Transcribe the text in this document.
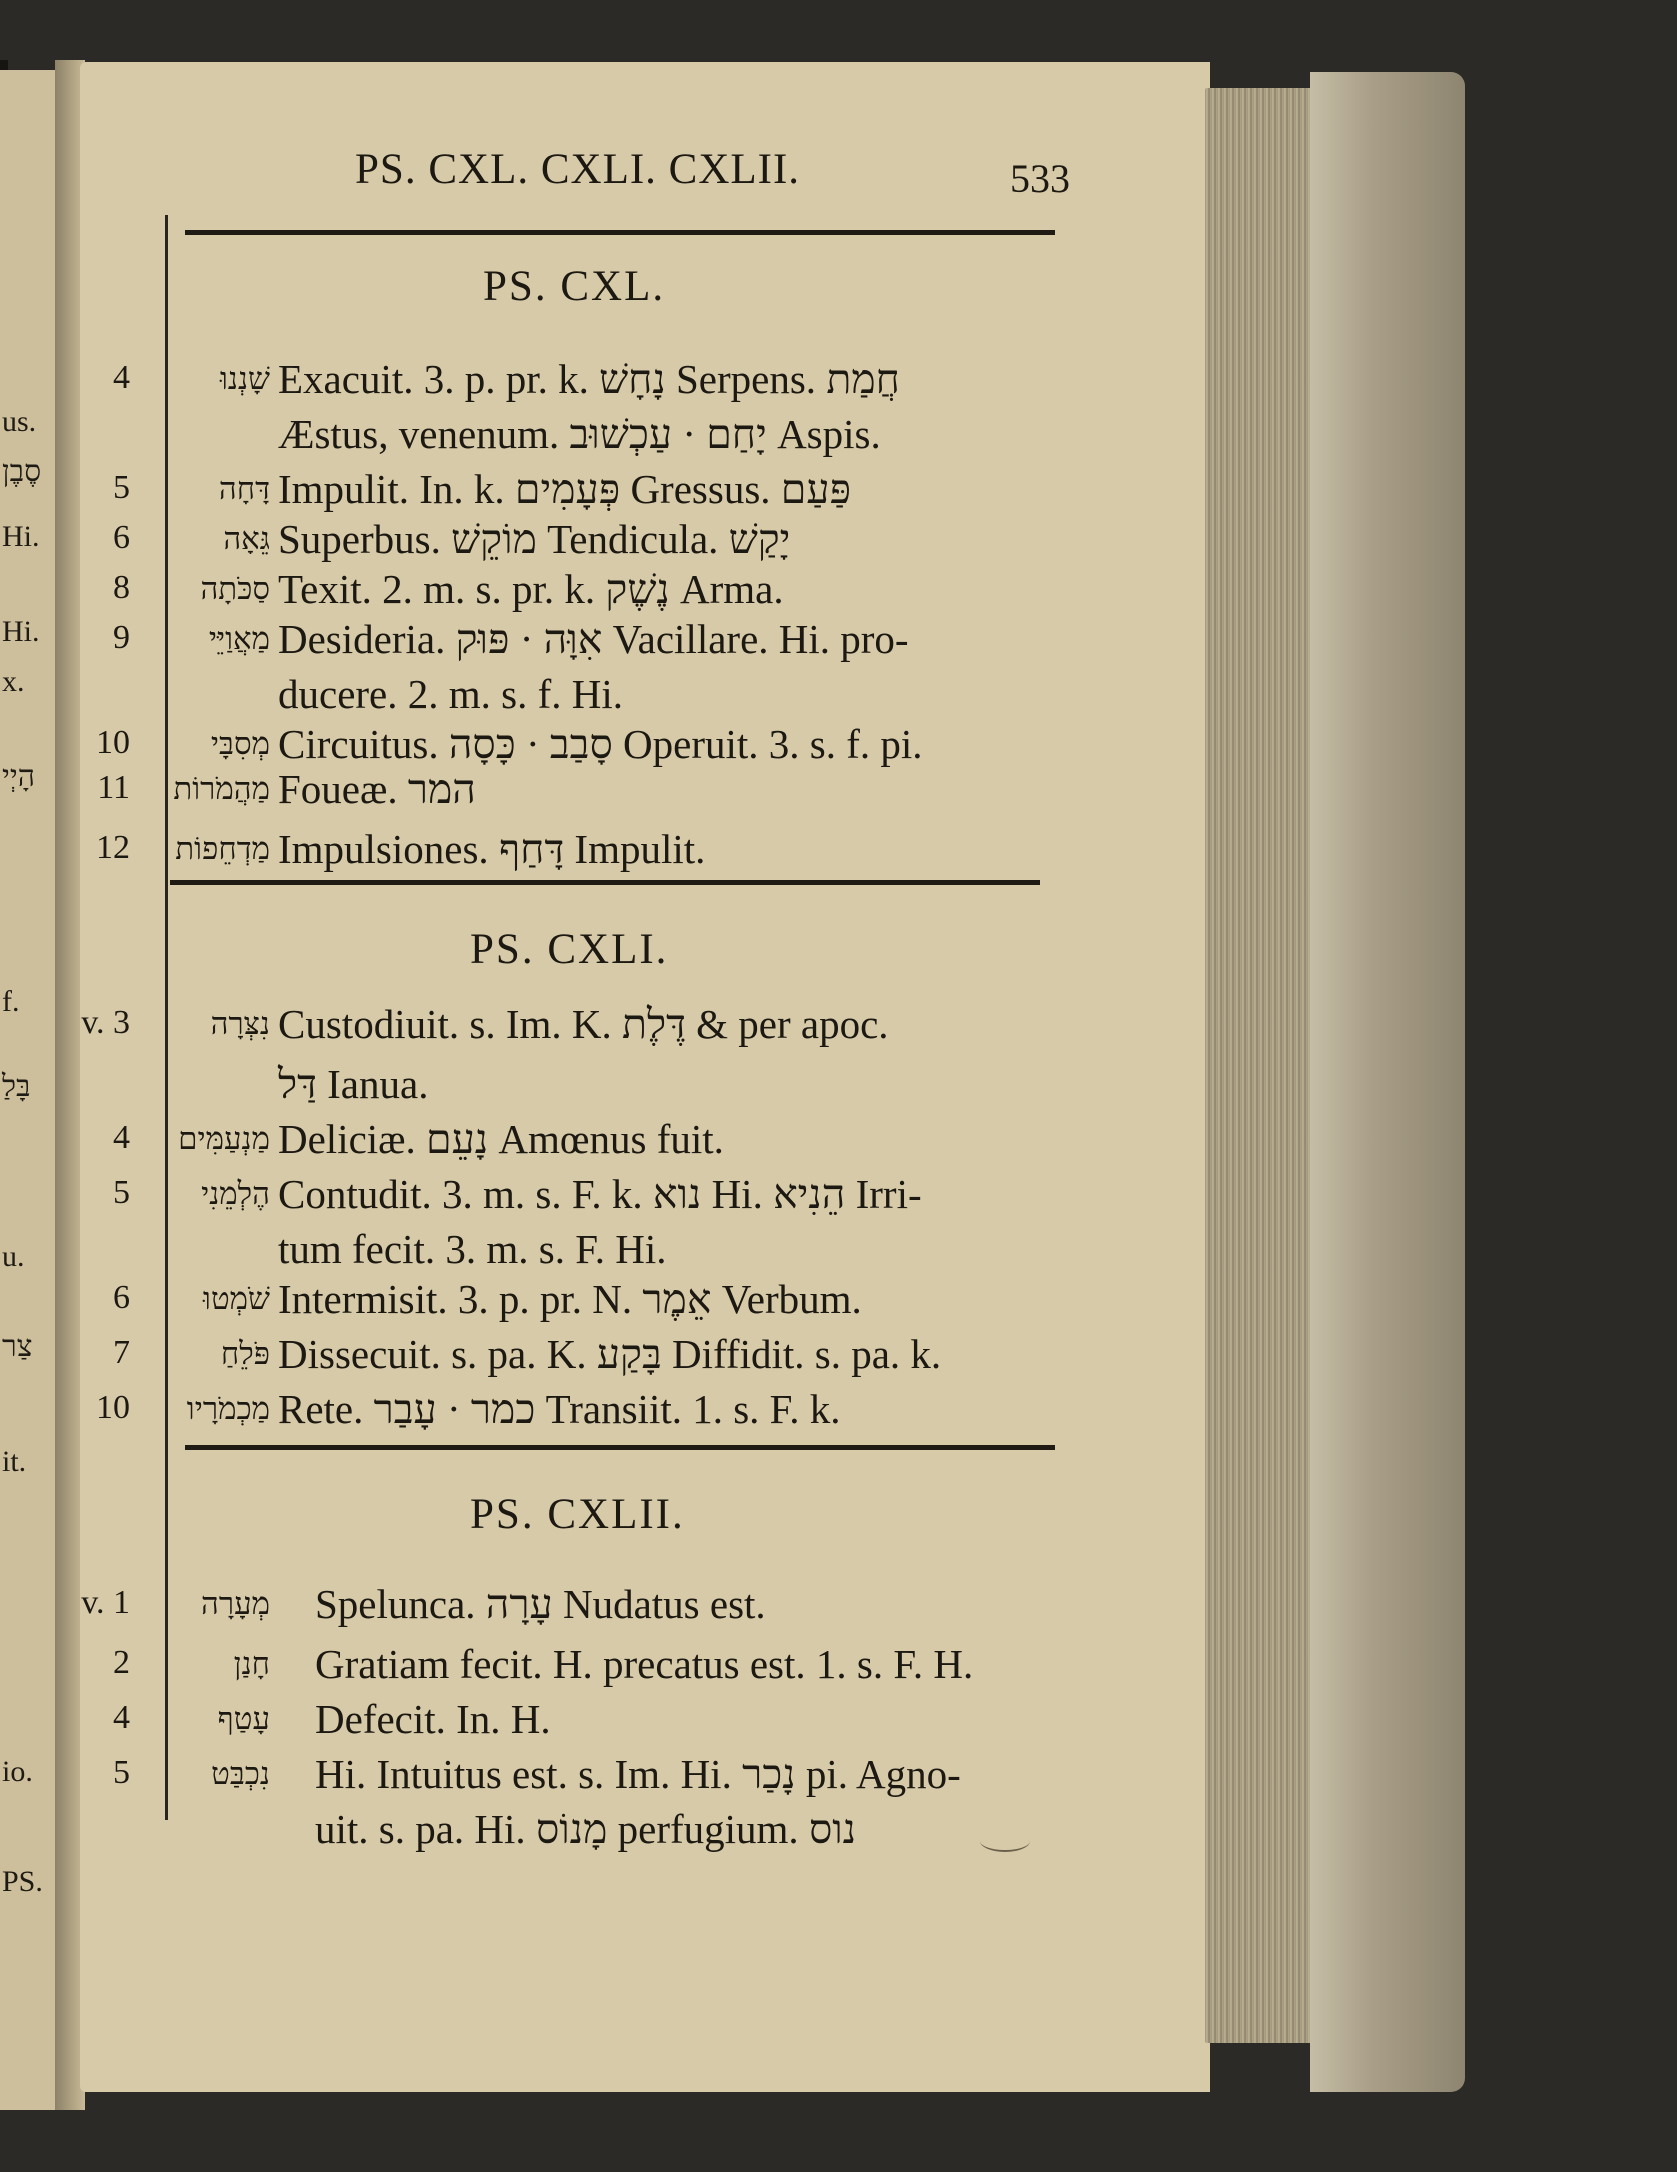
us.
סֶבֶן
Hi.
Hi.
x.
הָיְי
f.
בָּלַ
u.
צַר
it.
io.
PS.
PS. CXL. CXLI. CXLII.	533
PS. CXL.
4	שָׁנְנוּ Exacuit. 3. p. pr. k. נָחָשׁ Serpens. חֲמַת
Æstus, venenum. יָחַם · עַכְשׁוּב Aspis.
5	דָּחָה Impulit. In. k. פְּעָמִים Gressus. פַּעַם
6	גֵּאָה Superbus. מוֹקֵשׁ Tendicula. יָקַשׁ
8	סַכֹּתָה Texit. 2. m. s. pr. k. נֶשֶׁק Arma.
9	מַאֲוַיֵּי Desideria. אִוָּה · פּוּק Vacillare. Hi. pro-
ducere. 2. m. s. f. Hi.
10	מְסִבָּי Circuitus. סָבַב · כָּסָה Operuit. 3. s. f. pi.
11	מַהֲמֹרוֹת Foueæ. המר
12	מַדְחֵפוֹת Impulsiones. דָּחַף Impulit.
PS. CXLI.
v. 3	נִצְּרָה Custodiuit. s. Im. K. דֶּלֶת & per apoc.
דַּל Ianua.
4	מַנְעַמִּים Deliciæ. נָעֵם Amœnus fuit.
5	הֶלְמֵנִי Contudit. 3. m. s. F. k. נוא Hi. הֵנִיא Irri-
tum fecit. 3. m. s. F. Hi.
6	שֹׁמְטוּ Intermisit. 3. p. pr. N. אֵמֶר Verbum.
7	פֹּלֵחַ Dissecuit. s. pa. K. בָּקַע Diffidit. s. pa. k.
10	מַכְמֹרָיו Rete. כמר · עָבַר Transiit. 1. s. F. k.
PS. CXLII.
v. 1	מְעָרָה Spelunca. עָרָה Nudatus est.
2	חָנַן Gratiam fecit. H. precatus est. 1. s. F. H.
4	עָטַף Defecit. In. H.
5	נִכְבַּט Hi. Intuitus est. s. Im. Hi. נָכַר pi. Agno-
uit. s. pa. Hi. מָנוֹס perfugium. נוס
